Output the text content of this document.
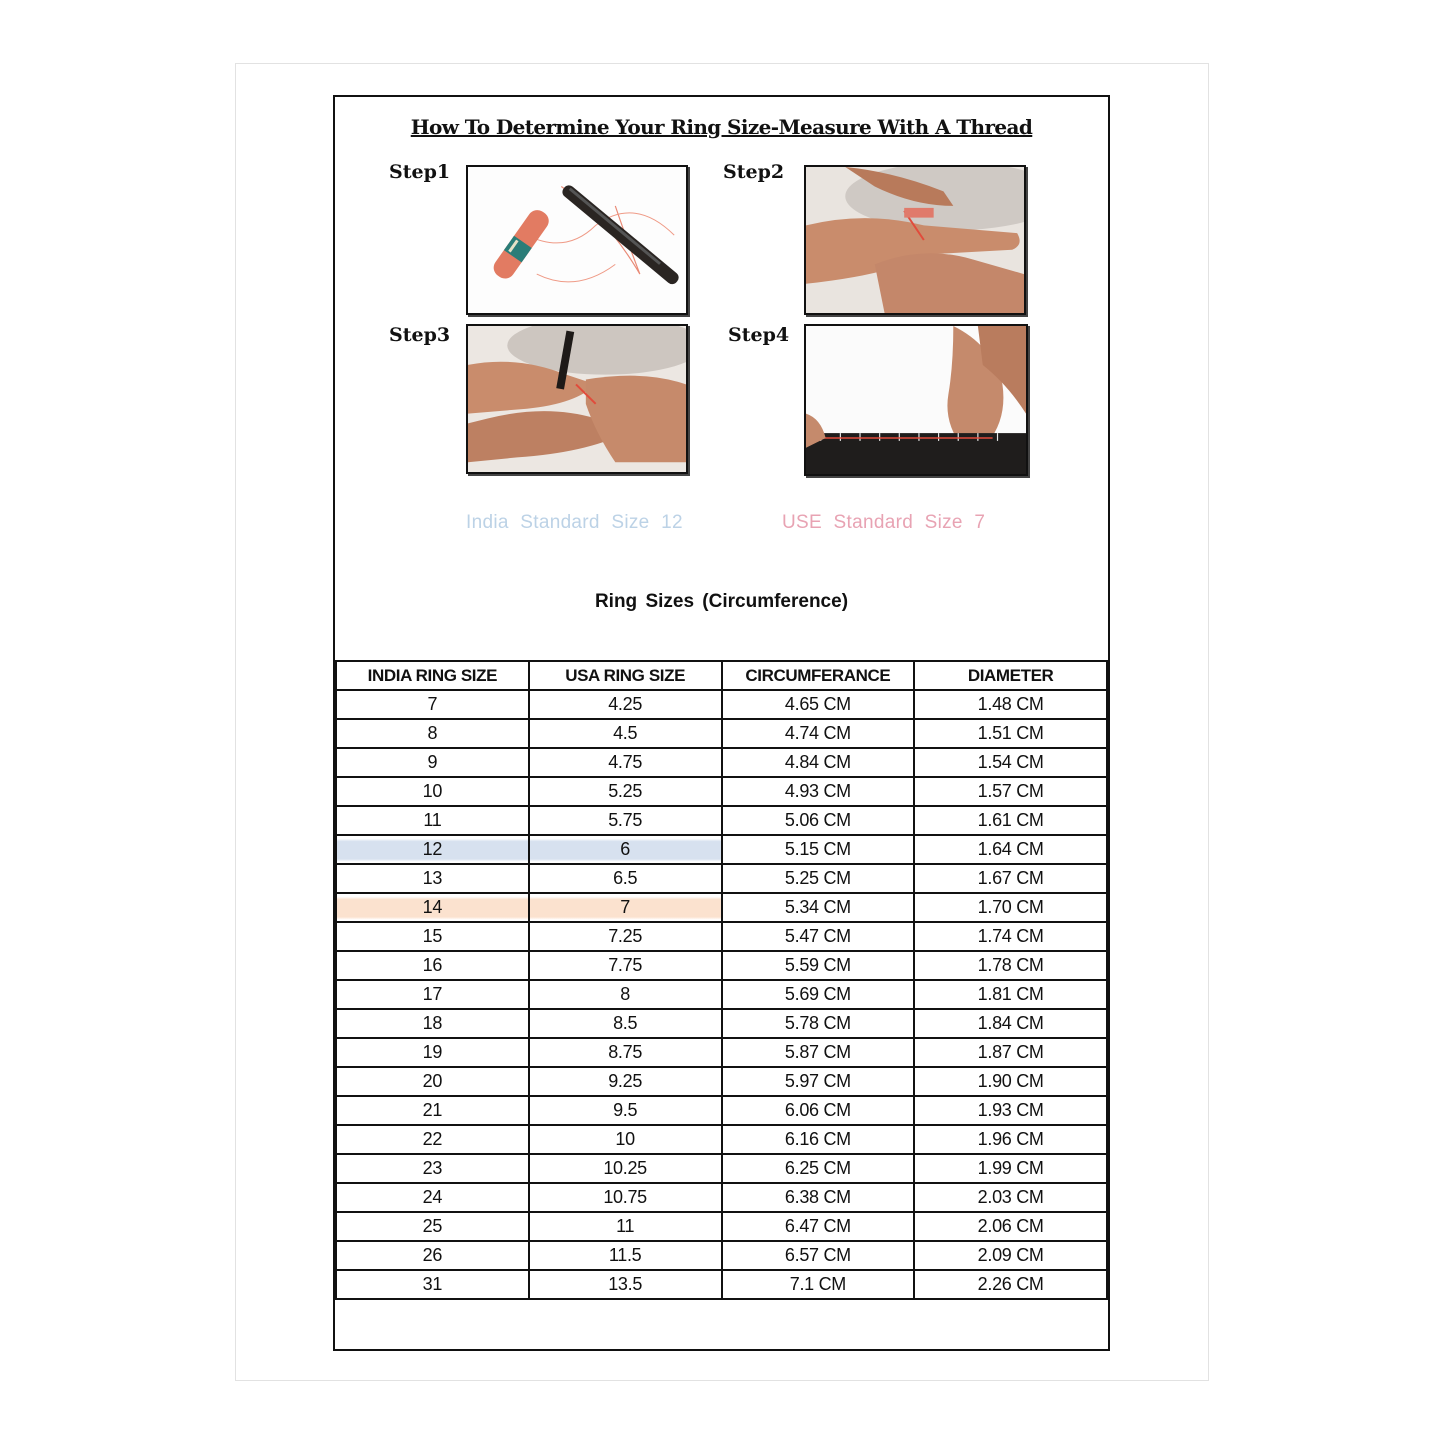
How To Determine Your Ring Size-Measure With A Thread
Step1	Step2
Step3	Step4
India Standard Size 12	USE Standard Size 7
Ring Sizes (Circumference)
INDIA RING SIZE	USA RING SIZE	CIRCUMFERANCE	DIAMETER
7	4.25	4.65 CM	1.48 CM
8	4.5	4.74 CM	1.51 CM
9	4.75	4.84 CM	1.54 CM
10	5.25	4.93 CM	1.57 CM
11	5.75	5.06 CM	1.61 CM
12	6	5.15 CM	1.64 CM
13	6.5	5.25 CM	1.67 CM
14	7	5.34 CM	1.70 CM
15	7.25	5.47 CM	1.74 CM
16	7.75	5.59 CM	1.78 CM
17	8	5.69 CM	1.81 CM
18	8.5	5.78 CM	1.84 CM
19	8.75	5.87 CM	1.87 CM
20	9.25	5.97 CM	1.90 CM
21	9.5	6.06 CM	1.93 CM
22	10	6.16 CM	1.96 CM
23	10.25	6.25 CM	1.99 CM
24	10.75	6.38 CM	2.03 CM
25	11	6.47 CM	2.06 CM
26	11.5	6.57 CM	2.09 CM
31	13.5	7.1 CM	2.26 CM
